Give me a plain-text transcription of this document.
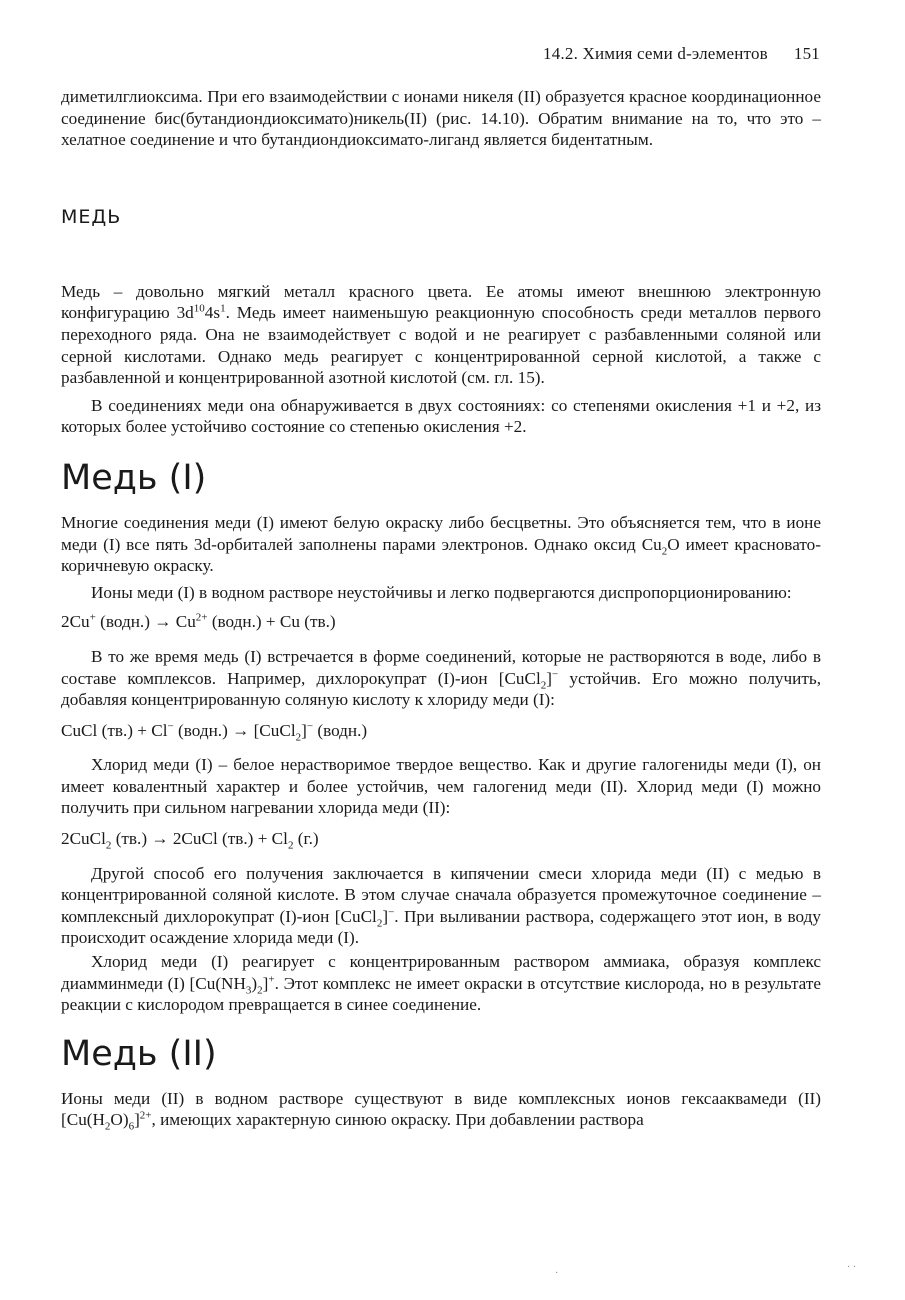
14.2. Химия семи d-элементов 151

диметилглиоксима. При его взаимодействии с ионами никеля (II) образуется красное координационное соединение бис(бутандиондиоксимато)никель(II) (рис. 14.10). Обратим внимание на то, что это – хелатное соединение и что бутандиондиоксимато-лиганд является бидентатным.

МЕДЬ

Медь – довольно мягкий металл красного цвета. Ее атомы имеют внешнюю электронную конфигурацию $3d^{10}4s^1$. Медь имеет наименьшую реакционную способность среди металлов первого переходного ряда. Она не взаимодействует с водой и не реагирует с разбавленными соляной или серной кислотами. Однако медь реагирует с концентрированной серной кислотой, а также с разбавленной и концентрированной азотной кислотой (см. гл. 15).

В соединениях меди она обнаруживается в двух состояниях: со степенями окисления +1 и +2, из которых более устойчиво состояние со степенью окисления +2.

Медь (I)

Многие соединения меди (I) имеют белую окраску либо бесцветны. Это объясняется тем, что в ионе меди (I) все пять 3d-орбиталей заполнены парами электронов. Однако оксид $Cu_2O$ имеет красновато-коричневую окраску.

Ионы меди (I) в водном растворе неустойчивы и легко подвергаются диспропорционированию:

2Cu+ (водн.) → $Cu^{2+}$ (водн.) + Cu (тв.)

В то же время медь (I) встречается в форме соединений, которые не растворяются в воде, либо в составе комплексов. Например, дихлорокупрат (I)-ион [CuCl$_2$]− устойчив. Его можно получить, добавляя концентрированную соляную кислоту к хлориду меди (I):

CuCl (тв.) + Cl− (водн.) → [CuCl$_2$]− (водн.)

Хлорид меди (I) – белое нерастворимое твердое вещество. Как и другие галогениды меди (I), он имеет ковалентный характер и более устойчив, чем галогенид меди (II). Хлорид меди (I) можно получить при сильном нагревании хлорида меди (II):

2CuCl$_2$ (тв.) → 2CuCl $(тв.) + Cl_2$ (г.)

Другой способ его получения заключается в кипячении смеси хлорида меди (II) с медью в концентрированной соляной кислоте. В этом случае сначала образуется промежуточное соединение – комплексный дихлорокупрат (I)-ион [CuCl$_2$]−. При выливании раствора, содержащего этот ион, в воду происходит осаждение хлорида меди (I).

Хлорид меди (I) реагирует с концентрированным раствором аммиака, образуя комплекс диамминмеди (I) $[Cu(NH_3)_2]^+$. Этот комплекс не имеет окраски в отсутствие кислорода, но в результате реакции с кислородом превращается в синее соединение.

Медь (II)

Ионы меди (II) в водном растворе существуют в виде комплексных ионов гексааквамеди (II) $[Cu(H_2O)_6]^{2+}$, имеющих характерную синюю окраску. При добавлении раствора

·
· ·
